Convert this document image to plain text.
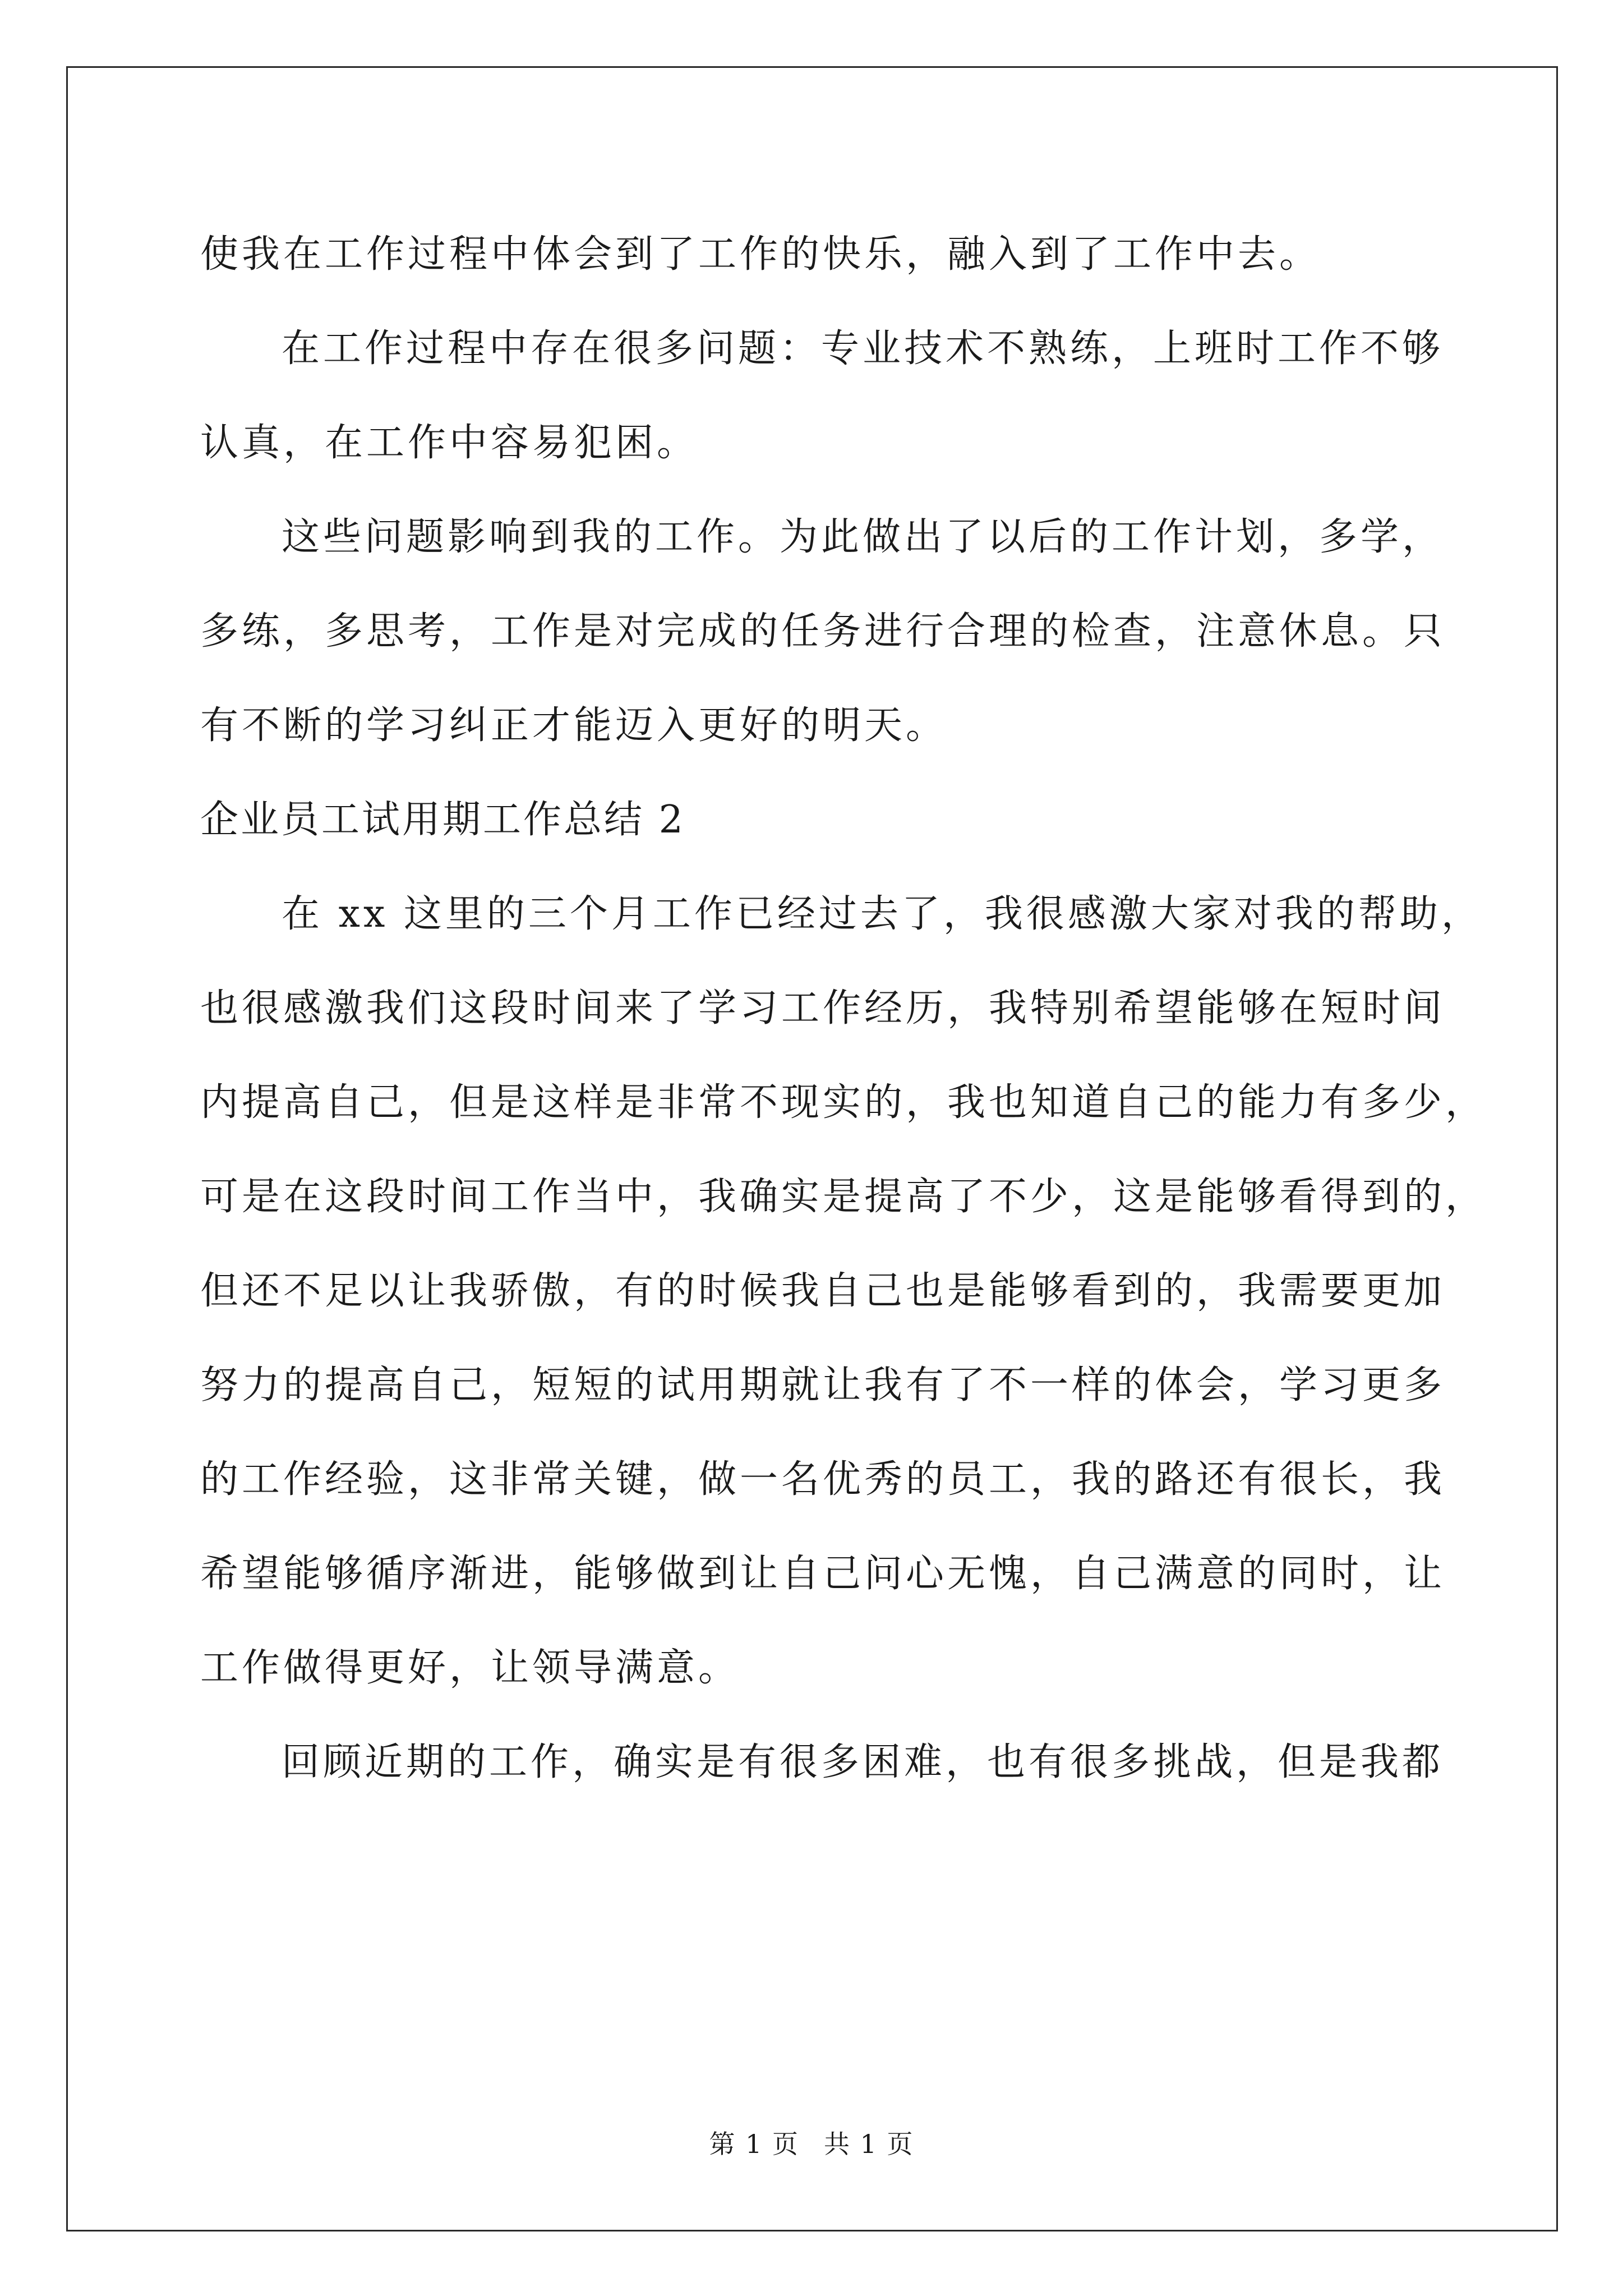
使我在工作过程中体会到了工作的快乐，融入到了工作中去。
在工作过程中存在很多问题：专业技术不熟练，上班时工作不够
认真，在工作中容易犯困。
这些问题影响到我的工作。为此做出了以后的工作计划，多学，
多练，多思考，工作是对完成的任务进行合理的检查，注意休息。只
有不断的学习纠正才能迈入更好的明天。
企业员工试用期工作总结 2
在 xx 这里的三个月工作已经过去了，我很感激大家对我的帮助，
也很感激我们这段时间来了学习工作经历，我特别希望能够在短时间
内提高自己，但是这样是非常不现实的，我也知道自己的能力有多少，
可是在这段时间工作当中，我确实是提高了不少，这是能够看得到的，
但还不足以让我骄傲，有的时候我自己也是能够看到的，我需要更加
努力的提高自己，短短的试用期就让我有了不一样的体会，学习更多
的工作经验，这非常关键，做一名优秀的员工，我的路还有很长，我
希望能够循序渐进，能够做到让自己问心无愧，自己满意的同时，让
工作做得更好，让领导满意。
回顾近期的工作，确实是有很多困难，也有很多挑战，但是我都
第 1 页 共 1 页
